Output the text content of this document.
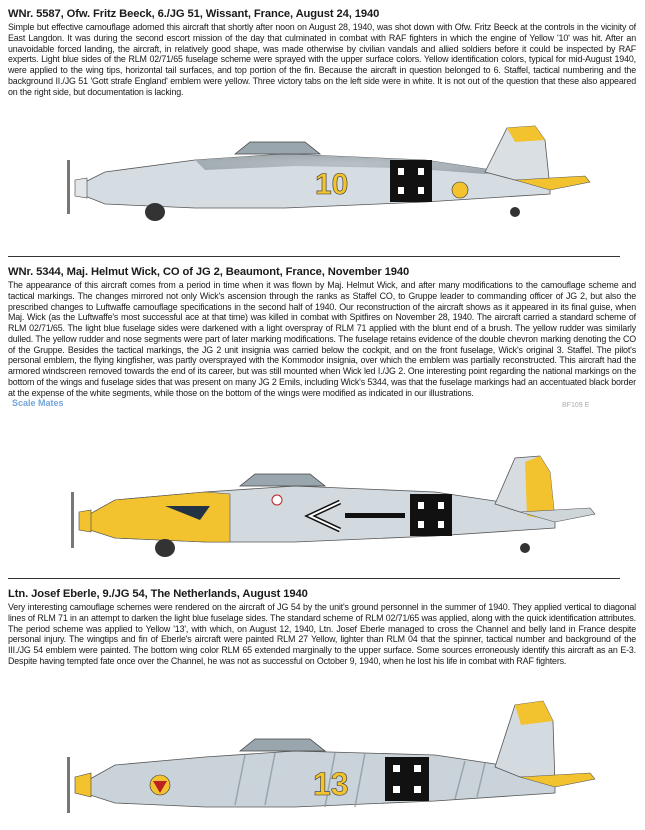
WNr. 5587, Ofw. Fritz Beeck, 6./JG 51, Wissant, France, August 24, 1940

Simple but effective camouflage adorned this aircraft that shortly after noon on August 28, 1940, was shot down with Ofw. Fritz Beeck at the controls in the vicinity of East Langdon. It was during the second escort mission of the day that culminated in combat with RAF fighters in which the engine of Yellow '10' was hit. After an unavoidable forced landing, the aircraft, in relatively good shape, was made otherwise by civilian vandals and allied soldiers before it could be inspected by RAF experts. Light blue sides of the RLM 02/71/65 fuselage scheme were sprayed with the upper surface colors. Yellow identification colors, typical for mid-August 1940, were applied to the wing tips, horizontal tail surfaces, and top portion of the fin. Because the aircraft in question belonged to 6. Staffel, tactical numbering and the background II./JG 51 'Gott strafe England' emblem were yellow. Three victory tabs on the left side were in white. It is not out of the question that these also appeared on the right side, but documentation is lacking.

10

WNr. 5344, Maj. Helmut Wick, CO of JG 2, Beaumont, France, November 1940

The appearance of this aircraft comes from a period in time when it was flown by Maj. Helmut Wick, and after many modifications to the camouflage scheme and tactical markings. The changes mirrored not only Wick's ascension through the ranks as Staffel CO, to Gruppe leader to commanding officer of JG 2, but also the prescribed changes to Luftwaffe camouflage specifications in the second half of 1940. Our reconstruction of the aircraft shows as it appeared in its final guise, when Maj. Wick (as the Luftwaffe's most successful ace at that time) was killed in combat with Spitfires on November 28, 1940. The aircraft carried a standard scheme of RLM 02/71/65. The light blue fuselage sides were darkened with a light overspray of RLM 71 applied with the blunt end of a brush. The yellow rudder was similarly dulled. The yellow rudder and nose segments were part of later marking modifications. The fuselage retains evidence of the double chevron marking denoting the CO of the Gruppe. Besides the tactical markings, the JG 2 unit insignia was carried below the cockpit, and on the front fuselage, Wick's original 3. Staffel. The pilot's personal emblem, the flying kingfisher, was partly oversprayed with the Kommodor insignia, over which the emblem was partially reconstructed. This aircraft had the armored windscreen removed towards the end of its career, but was still mounted when Wick led I./JG 2. One interesting point regarding the national markings on the bottom of the wings and fuselage sides that was present on many JG 2 Emils, including Wick's 5344, was that the fuselage markings had an accentuated black border at the expense of the white segments, while those on the bottom of the wings were modified as indicated in our illustrations.

Scale Mates	BF109 E

Ltn. Josef Eberle, 9./JG 54, The Netherlands, August 1940

Very interesting camouflage schemes were rendered on the aircraft of JG 54 by the unit's ground personnel in the summer of 1940. They applied vertical to diagonal lines of RLM 71 in an attempt to darken the light blue fuselage sides. The standard scheme of RLM 02/71/65 was applied, along with the quick identification attributes. The period scheme was applied to Yellow '13', with which, on August 12, 1940, Ltn. Josef Eberle managed to cross the Channel and belly land in France despite personal injury. The wingtips and fin of Eberle's aircraft were painted RLM 27 Yellow, lighter than RLM 04 that the spinner, tactical number and background of the III./JG 54 emblem were painted. The bottom wing color RLM 65 extended marginally to the upper surface. Some sources erroneously identify this aircraft as an E-3. Despite having tempted fate once over the Channel, he was not as successful on October 9, 1940, when he lost his life in combat with RAF fighters.

13
